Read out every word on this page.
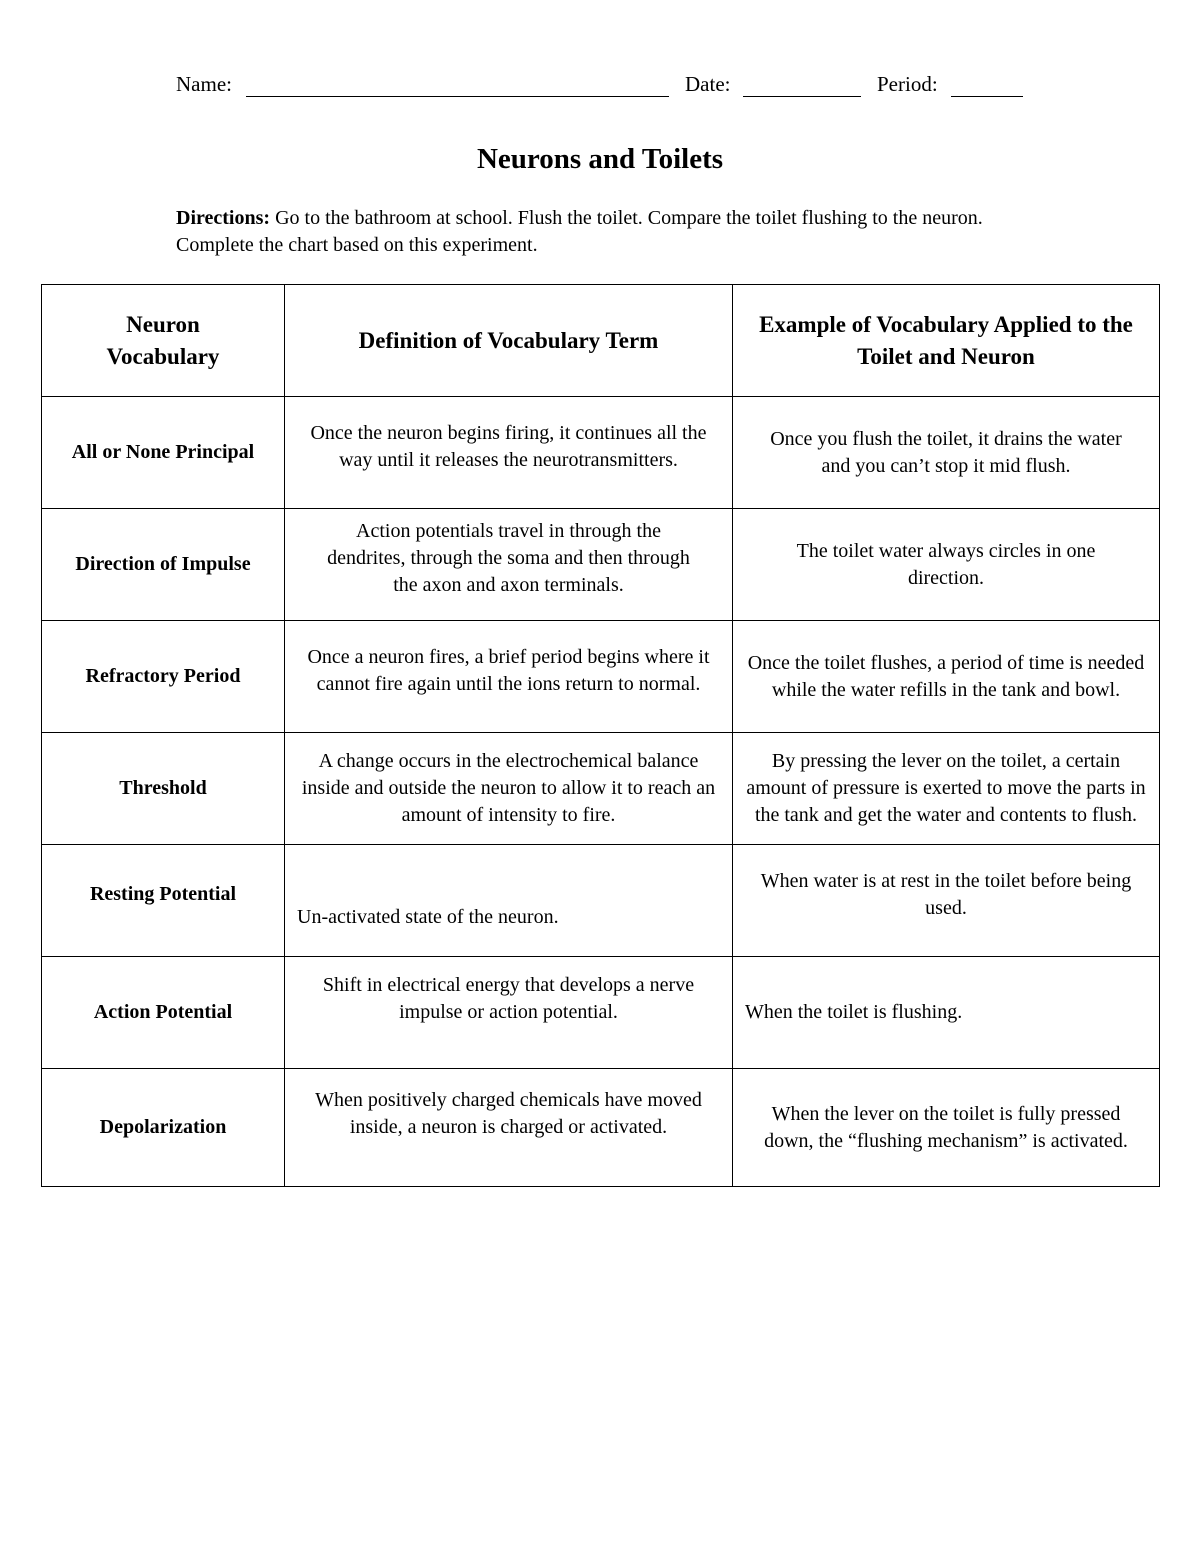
Name:	Date:	Period:
Neurons and Toilets
Directions: Go to the bathroom at school. Flush the toilet. Compare the toilet flushing to the neuron. Complete the chart based on this experiment.
Neuron Vocabulary	Definition of Vocabulary Term	Example of Vocabulary Applied to the Toilet and Neuron
All or None Principal	Once the neuron begins firing, it continues all the way until it releases the neurotransmitters.	Once you flush the toilet, it drains the water and you can’t stop it mid flush.
Direction of Impulse	Action potentials travel in through the dendrites, through the soma and then through the axon and axon terminals.	The toilet water always circles in one direction.
Refractory Period	Once a neuron fires, a brief period begins where it cannot fire again until the ions return to normal.	Once the toilet flushes, a period of time is needed while the water refills in the tank and bowl.
Threshold	A change occurs in the electrochemical balance inside and outside the neuron to allow it to reach an amount of intensity to fire.	By pressing the lever on the toilet, a certain amount of pressure is exerted to move the parts in the tank and get the water and contents to flush.
Resting Potential	Un-activated state of the neuron.	When water is at rest in the toilet before being used.
Action Potential	Shift in electrical energy that develops a nerve impulse or action potential.	When the toilet is flushing.
Depolarization	When positively charged chemicals have moved inside, a neuron is charged or activated.	When the lever on the toilet is fully pressed down, the “flushing mechanism” is activated.
